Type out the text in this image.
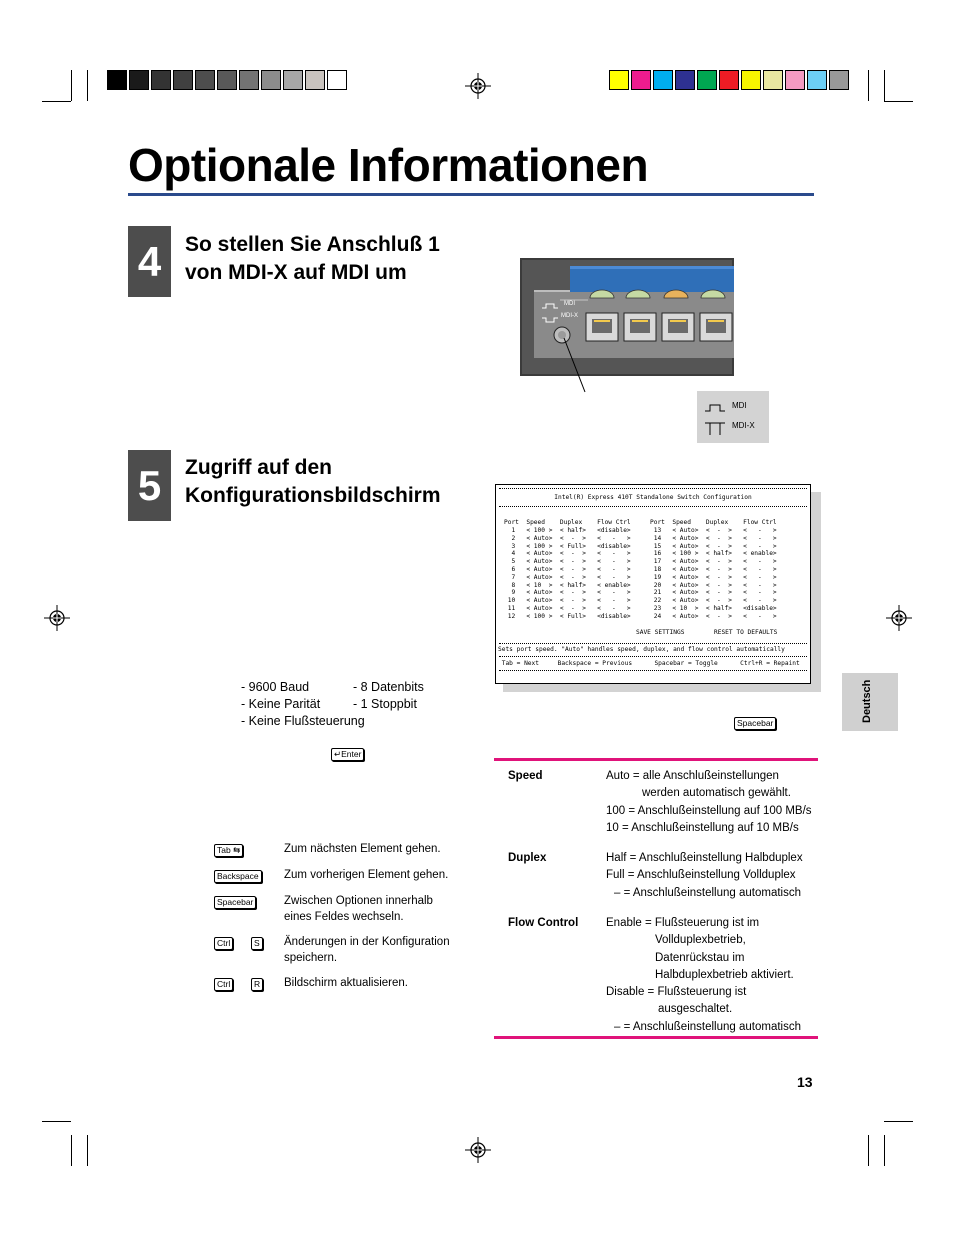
Optionale Informationen
4	So stellen Sie Anschluß 1
von MDI-X auf MDI um
MDI
MDI-X
MDI
MDI-X
5	Zugriff auf den
Konfigurationsbildschirm	Intel(R) Express 410T Standalone Switch Configuration
Port  Speed    Duplex    Flow Ctrl	Port  Speed    Duplex    Flow Ctrl
1   < 100 >  < half>   <disable>
2   < Auto>  <  -  >   <   -   >
3   < 100 >  < Full>   <disable>
4   < Auto>  <  -  >   <   -   >
5   < Auto>  <  -  >   <   -   >
6   < Auto>  <  -  >   <   -   >
7   < Auto>  <  -  >   <   -   >
8   < 10  >  < half>   < enable>
9   < Auto>  <  -  >   <   -   >
10   < Auto>  <  -  >   <   -   >
11   < Auto>  <  -  >   <   -   >
12   < 100 >  < Full>   <disable>
13   < Auto>  <  -  >   <   -   >
14   < Auto>  <  -  >   <   -   >
15   < Auto>  <  -  >   <   -   >
16   < 100 >  < half>   < enable>
17   < Auto>  <  -  >   <   -   >
18   < Auto>  <  -  >   <   -   >
19   < Auto>  <  -  >   <   -   >
20   < Auto>  <  -  >   <   -   >
21   < Auto>  <  -  >   <   -   >
22   < Auto>  <  -  >   <   -   >
23   < 10  >  < half>   <disable>
24   < Auto>  <  -  >   <   -   >
SAVE SETTINGS	RESET TO DEFAULTS
Sets port speed. "Auto" handles speed, duplex, and flow control automatically
Tab = Next     Backspace = Previous      Spacebar = Toggle      Ctrl+R = Repaint
- 9600 Baud
- Keine Parität
- Keine Flußsteuerung
- 8 Datenbits
- 1 Stoppbit
↵Enter
Spacebar
Tab ⇆	Zum nächsten Element gehen.
Backspace Zum vorherigen Element gehen.
Spacebar	Zwischen Optionen innerhalb
eines Feldes wechseln.
Ctrl	S Änderungen in der Konfiguration
speichern.
Ctrl	R Bildschirm aktualisieren.
Speed	Auto = alle Anschlußeinstellungen
werden automatisch gewählt.
100 = Anschlußeinstellung auf 100 MB/s
10 = Anschlußeinstellung auf 10 MB/s
Duplex	Half = Anschlußeinstellung Halbduplex
Full = Anschlußeinstellung Vollduplex
– = Anschlußeinstellung automatisch
Flow Control Enable = Flußsteuerung ist im
Vollduplexbetrieb,
Datenrückstau im
Halbduplexbetrieb aktiviert.
Disable = Flußsteuerung ist
ausgeschaltet.
– = Anschlußeinstellung automatisch
Deutsch
13
